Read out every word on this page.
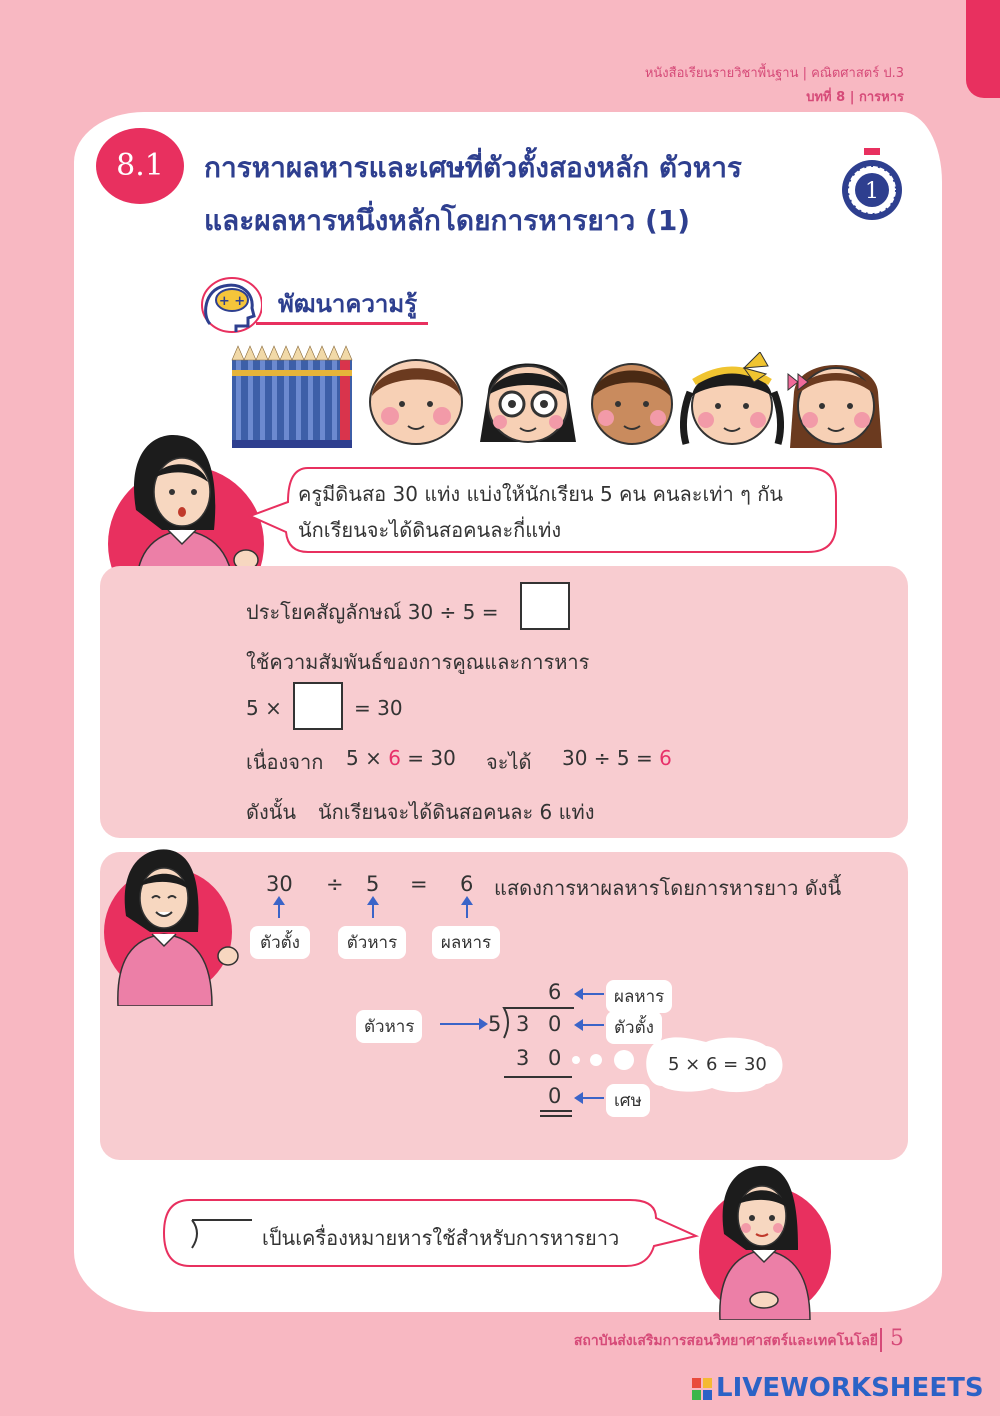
หนังสือเรียนรายวิชาพื้นฐาน | คณิตศาสตร์ ป.3
บทที่ 8 | การหาร
8.1	การหาผลหารและเศษที่ตัวตั้งสองหลัก ตัวหาร
และผลหารหนึ่งหลักโดยการหารยาว (1)
1
+ + พัฒนาความรู้
ครูมีดินสอ 30 แท่ง แบ่งให้นักเรียน 5 คน คนละเท่า ๆ กัน
นักเรียนจะได้ดินสอคนละกี่แท่ง
ประโยคสัญลักษณ์ 30 ÷ 5 =
ใช้ความสัมพันธ์ของการคูณและการหาร
5 ×	= 30
เนื่องจาก 5 × 6 = 30 จะได้ 30 ÷ 5 = 6
ดังนั้น นักเรียนจะได้ดินสอคนละ 6 แท่ง
30 ÷ 5 = 6 แสดงการหาผลหารโดยการหารยาว ดังนี้
ตัวตั้ง	ตัวหาร	ผลหาร
6
5 3 0
3 0
0
ผลหาร
ตัวหาร	ตัวตั้ง
เศษ
5 × 6 = 30
เป็นเครื่องหมายหารใช้สำหรับการหารยาว
สถาบันส่งเสริมการสอนวิทยาศาสตร์และเทคโนโลยี 5
LIVEWORKSHEETS
